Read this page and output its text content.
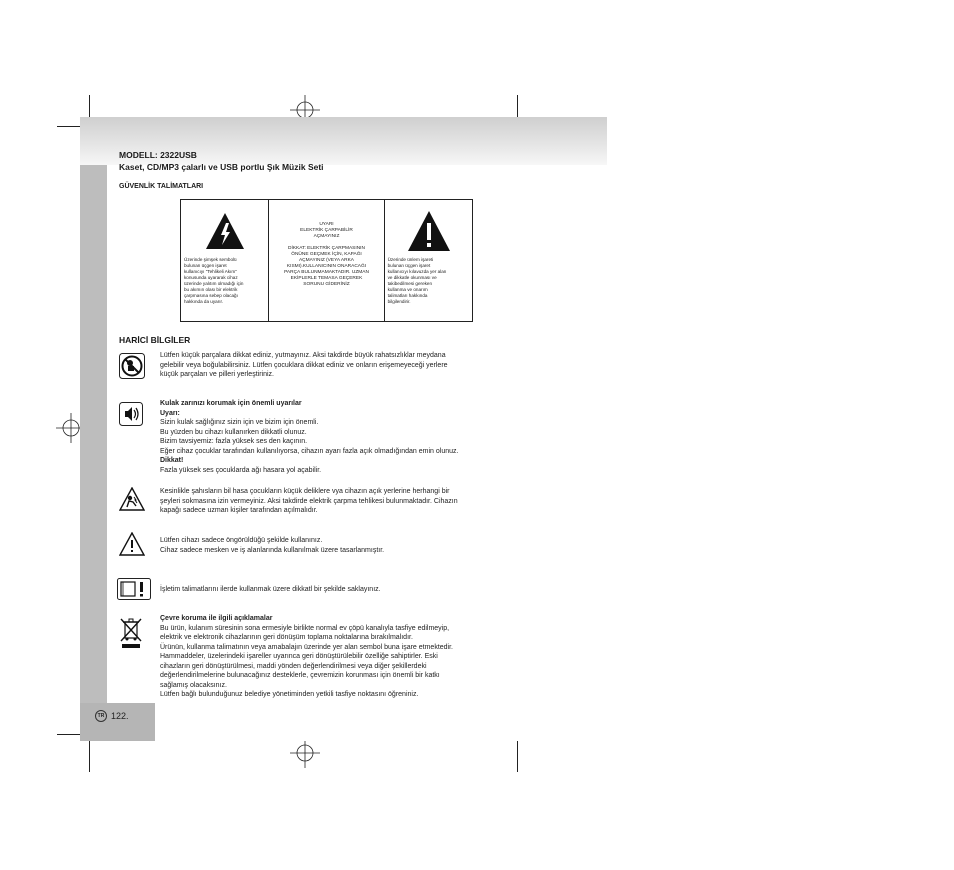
MODELL: 2322USB
Kaset, CD/MP3 çalarlı ve USB portlu Şık Müzik Seti
GÜVENLİK TALİMATLARI
Üzerinde şimşek sembolü
bulunan üçgen işaret
kullanıcıyı "Tehlikeli Akım"
konusunda uyararak cihaz
üzerinde yalıtım olmadığı için
bu akımın olası bir elektrik
çarpmasına sebep olacağı
hakkında da uyarır.
UYARI
ELEKTRİK ÇARPABİLİR
AÇMAYINIZ
DİKKAT: ELEKTRİK ÇARPMASININ
ÖNÜNE GEÇMEK İÇİN, KAPAĞI
AÇMAYINIZ (VEYA ARKA
KISMI).KULLANICININ ONARACAĞI
PARÇA BULUNMAMAKTADIR. UZMAN
EKİPLERLE TEMASA GEÇEREK
SORUNU GİDERİNİZ
Üzerinde ünlem işareti
bulunan üçgen işaret
kullanıcıyı kılavuzda yer alan
ve dikkatle okunması ve
takibedilmesi gereken
kullanma ve onarım
talimatları hakkında
bilgilendirir.
HARİCİ BİLGİLER
Lütfen küçük parçalara dikkat ediniz, yutmayınız. Aksi takdirde büyük rahatsızlıklar meydana
gelebilir veya boğulabilirsiniz. Lütfen çocuklara dikkat ediniz ve onların erişemeyeceği yerlere
küçük parçaları ve pilleri yerleştiriniz.
Kulak zarınızı korumak için önemli uyarılar
Uyarı:
Sizin kulak sağlığınız sizin için ve bizim için önemli.
Bu yüzden bu cihazı kullanırken dikkatli olunuz.
Bizim tavsiyemiz: fazla yüksek ses den kaçının.
Eğer cihaz çocuklar tarafından kullanılıyorsa, cihazın ayarı fazla açık olmadığından emin olunuz.
Dikkat!
Fazla yüksek ses çocuklarda ağı hasara yol açabilir.
Kesinlikle şahısların bil hasa çocukların küçük deliklere vya cihazın açık yerlerine herhangi bir
şeyleri sokmasına izin vermeyiniz. Aksi takdirde elektrik çarpma tehlikesi bulunmaktadır. Cihazın
kapağı sadece uzman kişiler tarafından açılmalıdır.
Lütfen cihazı sadece öngörüldüğü şekilde kullanınız.
Cihaz sadece mesken ve iş alanlarında kullanılmak üzere tasarlanmıştır.
İşletim talimatlarını ilerde kullanmak üzere dikkatl bir şekilde saklayınız.
Çevre koruma ile ilgili açıklamalar
Bu ürün, kulanım süresinin sona ermesiyle birlikte normal ev çöpü kanalıyla tasfiye edilmeyip,
elektrik ve elektronik cihazlarının geri dönüşüm toplama noktalarına bırakılmalıdır.
Ürünün, kullanma talimatının veya amabalajın üzerinde yer alan sembol buna işare etmektedir.
Hammaddeler, üzelerindeki işareller uyarınca geri dönüştürülebilir özelliğe sahiptirler. Eski
cihazların geri dönüştürülmesi, maddi yönden değerlendirilmesi veya diğer şekillerdeki
değerlendirilmelerine bulunacağınız desteklerle, çevremizin korunması için önemli bir katkı
sağlamış olacaksınız.
Lütfen bağlı bulunduğunuz belediye yönetiminden yetkili tasfiye noktasını öğreniniz.
TR 122.
